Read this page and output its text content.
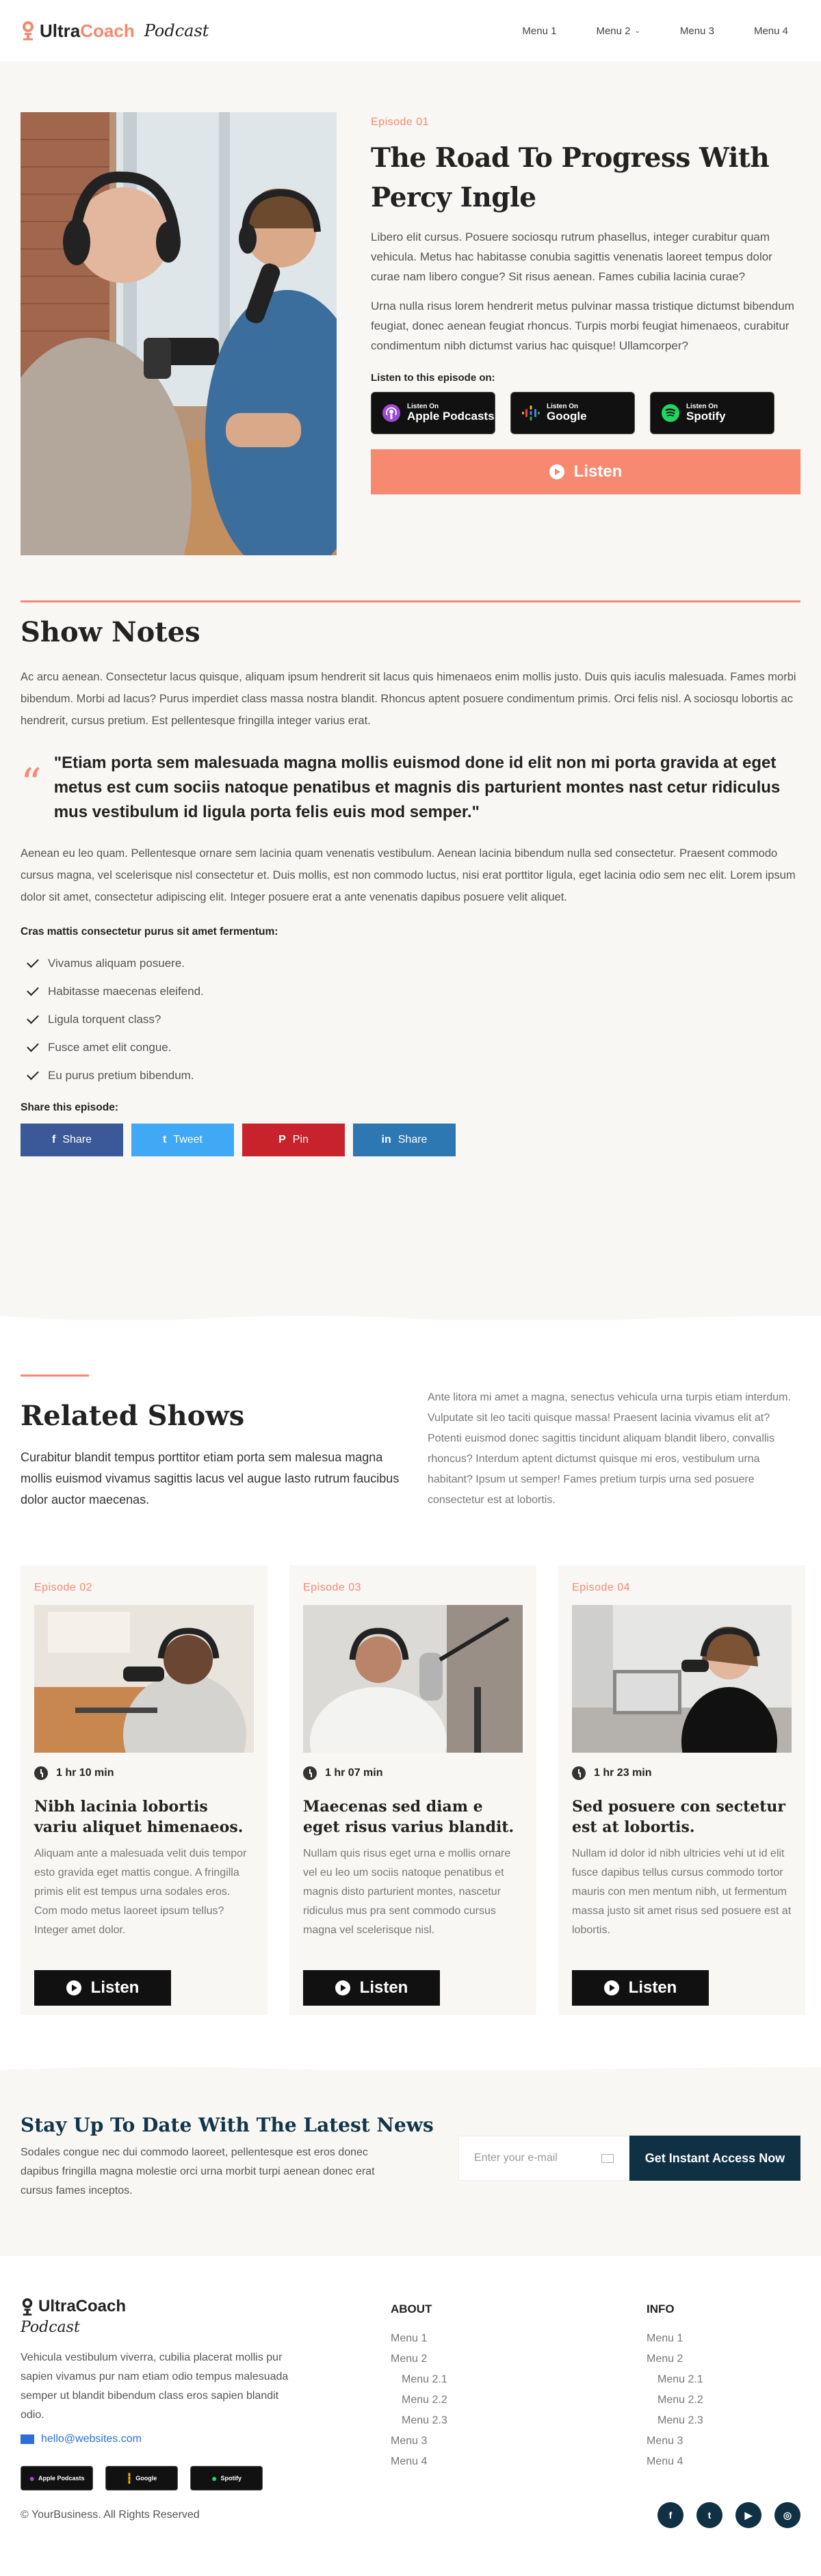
UltraCoach Podcast	Menu 1	Menu 2 ⌄	Menu 3	Menu 4
Episode 01
The Road To Progress With Percy Ingle

Libero elit cursus. Posuere sociosqu rutrum phasellus, integer curabitur quam vehicula. Metus hac habitasse conubia sagittis venenatis laoreet tempus dolor curae nam libero congue? Sit risus aenean. Fames cubilia lacinia curae?

Urna nulla risus lorem hendrerit metus pulvinar massa tristique dictumst bibendum feugiat, donec aenean feugiat rhoncus. Turpis morbi feugiat himenaeos, curabitur condimentum nibh dictumst varius hac quisque! Ullamcorper?

Listen to this episode on:
Listen On
Apple Podcasts
Listen On
Google
Listen On
Spotify
Listen
Show Notes

Ac arcu aenean. Consectetur lacus quisque, aliquam ipsum hendrerit sit lacus quis himenaeos enim mollis justo. Duis quis iaculis malesuada. Fames morbi bibendum. Morbi ad lacus? Purus imperdiet class massa nostra blandit. Rhoncus aptent posuere condimentum primis. Orci felis nisl. A sociosqu lobortis ac hendrerit, cursus pretium. Est pellentesque fringilla integer varius erat.

“ "Etiam porta sem malesuada magna mollis euismod done id elit non mi porta gravida at eget metus est cum sociis natoque penatibus et magnis dis parturient montes nast cetur ridiculus mus vestibulum id ligula porta felis euis mod semper."

Aenean eu leo quam. Pellentesque ornare sem lacinia quam venenatis vestibulum. Aenean lacinia bibendum nulla sed consectetur. Praesent commodo cursus magna, vel scelerisque nisl consectetur et. Duis mollis, est non commodo luctus, nisi erat porttitor ligula, eget lacinia odio sem nec elit. Lorem ipsum dolor sit amet, consectetur adipiscing elit. Integer posuere erat a ante venenatis dapibus posuere velit aliquet.

Cras mattis consectetur purus sit amet fermentum:
Vivamus aliquam posuere.
Habitasse maecenas eleifend.
Ligula torquent class?
Fusce amet elit congue.
Eu purus pretium bibendum.
Share this episode:
f Share	t Tweet	P Pin	in Share
Related Shows

Curabitur blandit tempus porttitor etiam porta sem malesua magna mollis euismod vivamus sagittis lacus vel augue lasto rutrum faucibus dolor auctor maecenas.

Ante litora mi amet a magna, senectus vehicula urna turpis etiam interdum. Vulputate sit leo taciti quisque massa! Praesent lacinia vivamus elit at? Potenti euismod donec sagittis tincidunt aliquam blandit libero, convallis rhoncus? Interdum aptent dictumst quisque mi eros, vestibulum urna habitant? Ipsum ut semper! Fames pretium turpis urna sed posuere consectetur est at lobortis.

Episode 02
1 hr 10 min
Nibh lacinia lobortis variu aliquet himenaeos.

Aliquam ante a malesuada velit duis tempor esto gravida eget mattis congue. A fringilla primis elit est tempus urna sodales eros. Com modo metus laoreet ipsum tellus? Integer amet dolor.

Listen
Episode 03
1 hr 07 min
Maecenas sed diam e eget risus varius blandit.

Nullam quis risus eget urna e mollis ornare vel eu leo um sociis natoque penatibus et magnis disto parturient montes, nascetur ridiculus mus pra sent commodo cursus magna vel scelerisque nisl.

Listen
Episode 04
1 hr 23 min
Sed posuere con sectetur est at lobortis.

Nullam id dolor id nibh ultricies vehi ut id elit fusce dapibus tellus cursus commodo tortor mauris con men mentum nibh, ut fermentum massa justo sit amet risus sed posuere est at lobortis.

Listen
Stay Up To Date With The Latest News

Sodales congue nec dui commodo laoreet, pellentesque est eros donec dapibus fringilla magna molestie orci urna morbit turpi aenean donec erat cursus fames inceptos.

Enter your e-mail	Get Instant Access Now
UltraCoach
Podcast

Vehicula vestibulum viverra, cubilia placerat mollis pur sapien vivamus pur nam etiam odio tempus malesuada semper ut blandit bibendum class eros sapien blandit odio.

hello@websites.com
● Apple Podcasts	┇ Google	● Spotify
ABOUT
Menu 1
Menu 2
Menu 2.1
Menu 2.2
Menu 2.3
Menu 3
Menu 4
INFO
Menu 1
Menu 2
Menu 2.1
Menu 2.2
Menu 2.3
Menu 3
Menu 4
© YourBusiness. All Rights Reserved	f	t	▶	◎
